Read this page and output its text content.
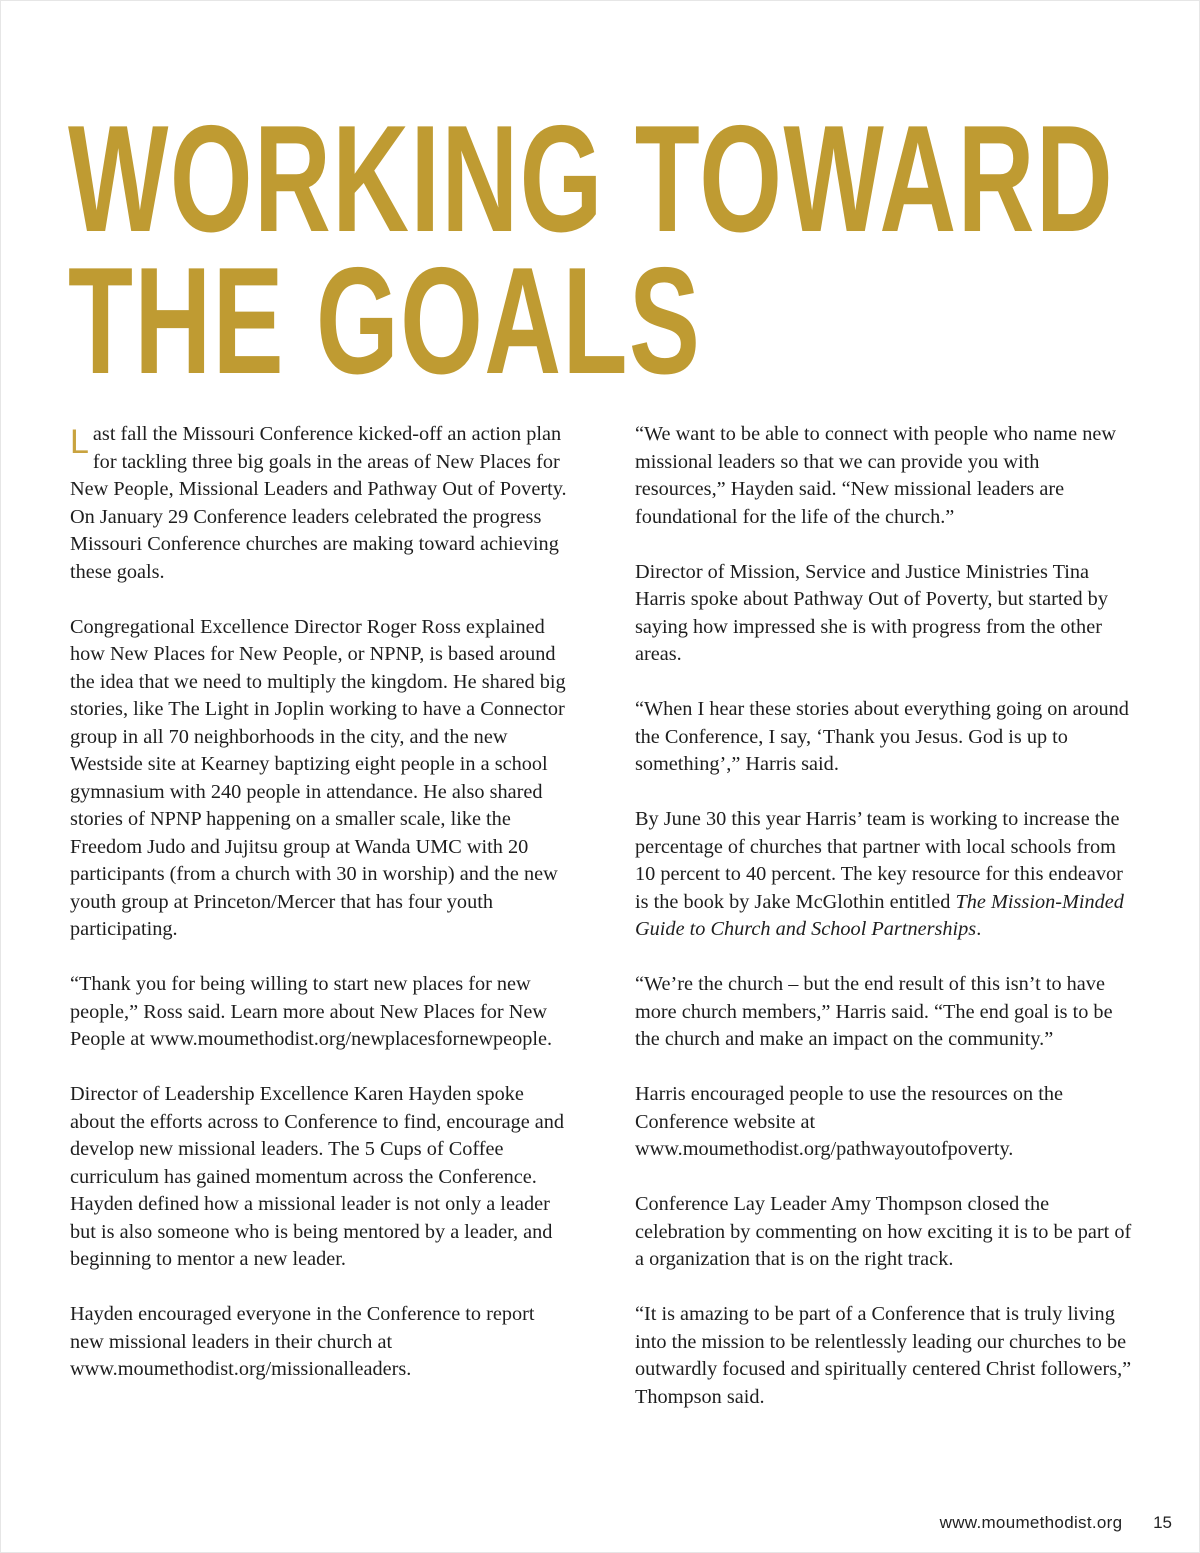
WORKING TOWARD
THE GOALS

Last fall the Missouri Conference kicked-off an action plan for tackling three big goals in the areas of New Places for New People, Missional Leaders and Pathway Out of Poverty. On January 29 Conference leaders celebrated the progress Missouri Conference churches are making toward achieving these goals.

Congregational Excellence Director Roger Ross explained how New Places for New People, or NPNP, is based around the idea that we need to multiply the kingdom. He shared big stories, like The Light in Joplin working to have a Connector group in all 70 neighborhoods in the city, and the new Westside site at Kearney baptizing eight people in a school gymnasium with 240 people in attendance. He also shared stories of NPNP happening on a smaller scale, like the Freedom Judo and Jujitsu group at Wanda UMC with 20 participants (from a church with 30 in worship) and the new youth group at Princeton/Mercer that has four youth participating.

“Thank you for being willing to start new places for new people,” Ross said. Learn more about New Places for New People at www.moumethodist.org/newplacesfornewpeople.

Director of Leadership Excellence Karen Hayden spoke about the efforts across to Conference to find, encourage and develop new missional leaders. The 5 Cups of Coffee curriculum has gained momentum across the Conference. Hayden defined how a missional leader is not only a leader but is also someone who is being mentored by a leader, and beginning to mentor a new leader.

Hayden encouraged everyone in the Conference to report new missional leaders in their church at www.moumethodist.org/missionalleaders.

“We want to be able to connect with people who name new missional leaders so that we can provide you with resources,” Hayden said. “New missional leaders are foundational for the life of the church.”

Director of Mission, Service and Justice Ministries Tina Harris spoke about Pathway Out of Poverty, but started by saying how impressed she is with progress from the other areas.

“When I hear these stories about everything going on around the Conference, I say, ‘Thank you Jesus. God is up to something’,” Harris said.

By June 30 this year Harris’ team is working to increase the percentage of churches that partner with local schools from 10 percent to 40 percent. The key resource for this endeavor is the book by Jake McGlothin entitled The Mission-Minded Guide to Church and School Partnerships.

“We’re the church – but the end result of this isn’t to have more church members,” Harris said. “The end goal is to be the church and make an impact on the community.”

Harris encouraged people to use the resources on the Conference website at www.moumethodist.org/pathwayoutofpoverty.

Conference Lay Leader Amy Thompson closed the celebration by commenting on how exciting it is to be part of a organization that is on the right track.

“It is amazing to be part of a Conference that is truly living into the mission to be relentlessly leading our churches to be outwardly focused and spiritually centered Christ followers,” Thompson said.

www.moumethodist.org 15
